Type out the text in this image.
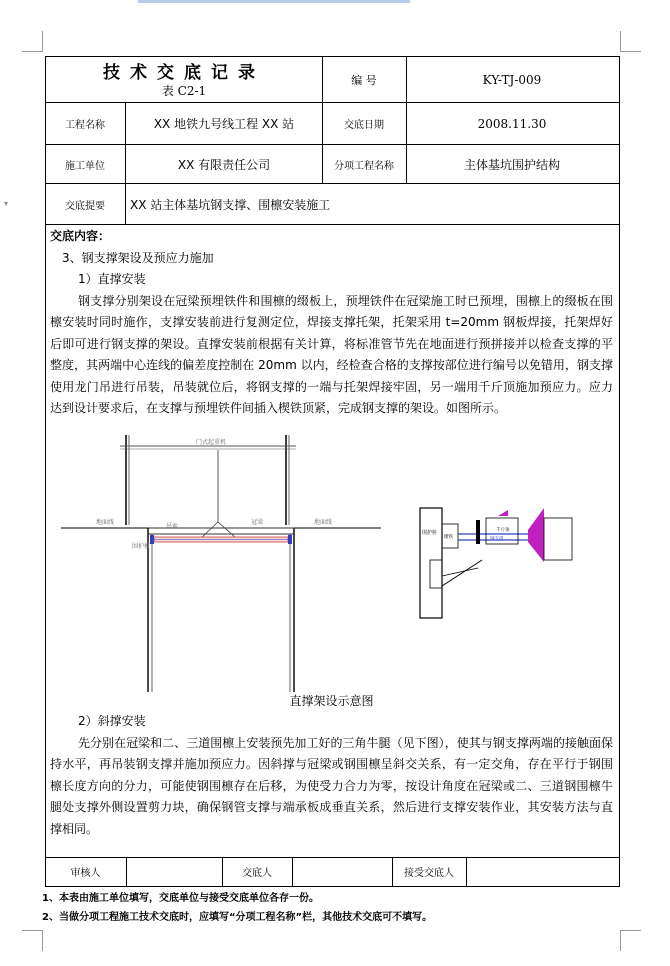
▾
技术交底记录
表 C2-1
编 号	KY-TJ-009
工程名称	XX 地铁九号线工程 XX 站	交底日期	2008.11.30
施工单位	XX 有限责任公司	分项工程名称	主体基坑围护结构
交底提要	XX 站主体基坑钢支撑、围檩安装施工
交底内容：
3、钢支撑架设及预应力施加
1）直撑安装
钢支撑分别架设在冠梁预埋铁件和围檩的缀板上，预埋铁件在冠梁施工时已预埋，围檩上的缀板在围檩安装时同时施作，支撑安装前进行复测定位，焊接支撑托架，托架采用 t=20mm 钢板焊接，托架焊好后即可进行钢支撑的架设。直撑安装前根据有关计算，将标准管节先在地面进行预拼接并以检查支撑的平整度，其两端中心连线的偏差度控制在 20mm 以内，经检查合格的支撑按部位进行编号以免错用，钢支撑使用龙门吊进行吊装，吊装就位后，将钢支撑的一端与托架焊接牢固，另一端用千斤顶施加预应力。应力达到设计要求后，在支撑与预埋铁件间插入楔铁顶紧，完成钢支撑的架设。如图所示。
门式起重机
地面线	地面线
冠梁
吊索
围护桩
围护桩
楔铁
千斤顶
钢支撑
直撑架设示意图
2）斜撑安装
先分别在冠梁和二、三道围檩上安装预先加工好的三角牛腿（见下图），使其与钢支撑两端的接触面保持水平，再吊装钢支撑并施加预应力。因斜撑与冠梁或钢围檩呈斜交关系，有一定交角，存在平行于钢围檩长度方向的分力，可能使钢围檩存在后移，为使受力合力为零，按设计角度在冠梁或二、三道钢围檩牛腿处支撑外侧设置剪力块，确保钢管支撑与端承板成垂直关系，然后进行支撑安装作业，其安装方法与直撑相同。
审核人	交底人	接受交底人
1、本表由施工单位填写，交底单位与接受交底单位各存一份。
2、当做分项工程施工技术交底时，应填写“分项工程名称”栏，其他技术交底可不填写。
